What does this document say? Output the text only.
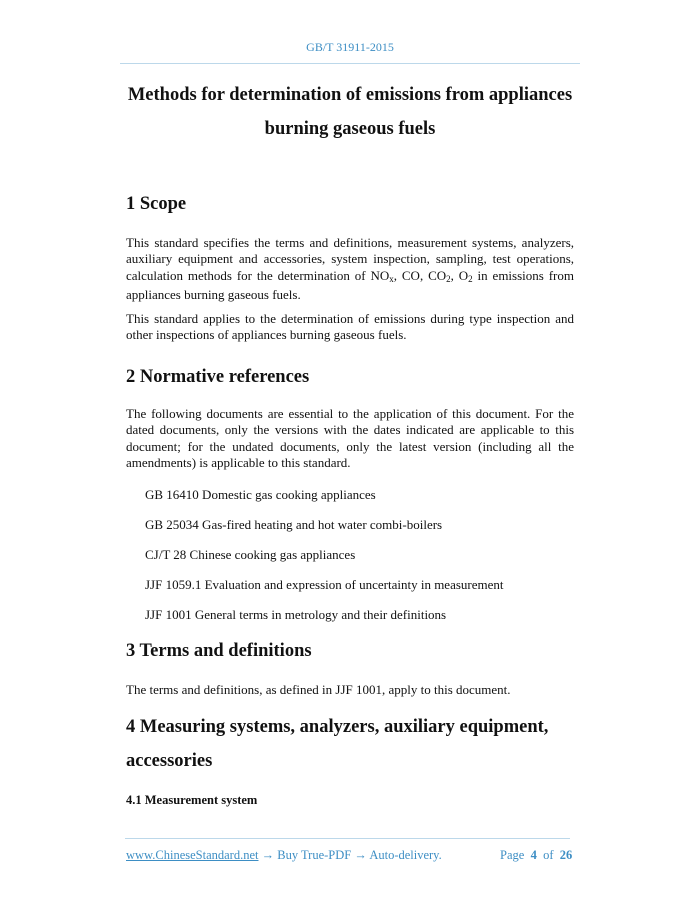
GB/T 31911-2015
Methods for determination of emissions from appliances
burning gaseous fuels
1 Scope
This standard specifies the terms and definitions, measurement systems, analyzers, auxiliary equipment and accessories, system inspection, sampling, test operations, calculation methods for the determination of $NO_x$, CO, $CO_2$, $O_2$ in emissions from appliances burning gaseous fuels.
This standard applies to the determination of emissions during type inspection and other inspections of appliances burning gaseous fuels.
2 Normative references
The following documents are essential to the application of this document. For the dated documents, only the versions with the dates indicated are applicable to this document; for the undated documents, only the latest version (including all the amendments) is applicable to this standard.
GB 16410 Domestic gas cooking appliances
GB 25034 Gas-fired heating and hot water combi-boilers
CJ/T 28 Chinese cooking gas appliances
JJF 1059.1 Evaluation and expression of uncertainty in measurement
JJF 1001 General terms in metrology and their definitions
3 Terms and definitions
The terms and definitions, as defined in JJF 1001, apply to this document.
4 Measuring systems, analyzers, auxiliary equipment,
accessories
4.1 Measurement system
www.ChineseStandard.net → Buy True-PDF → Auto-delivery.	Page 4 of 26
